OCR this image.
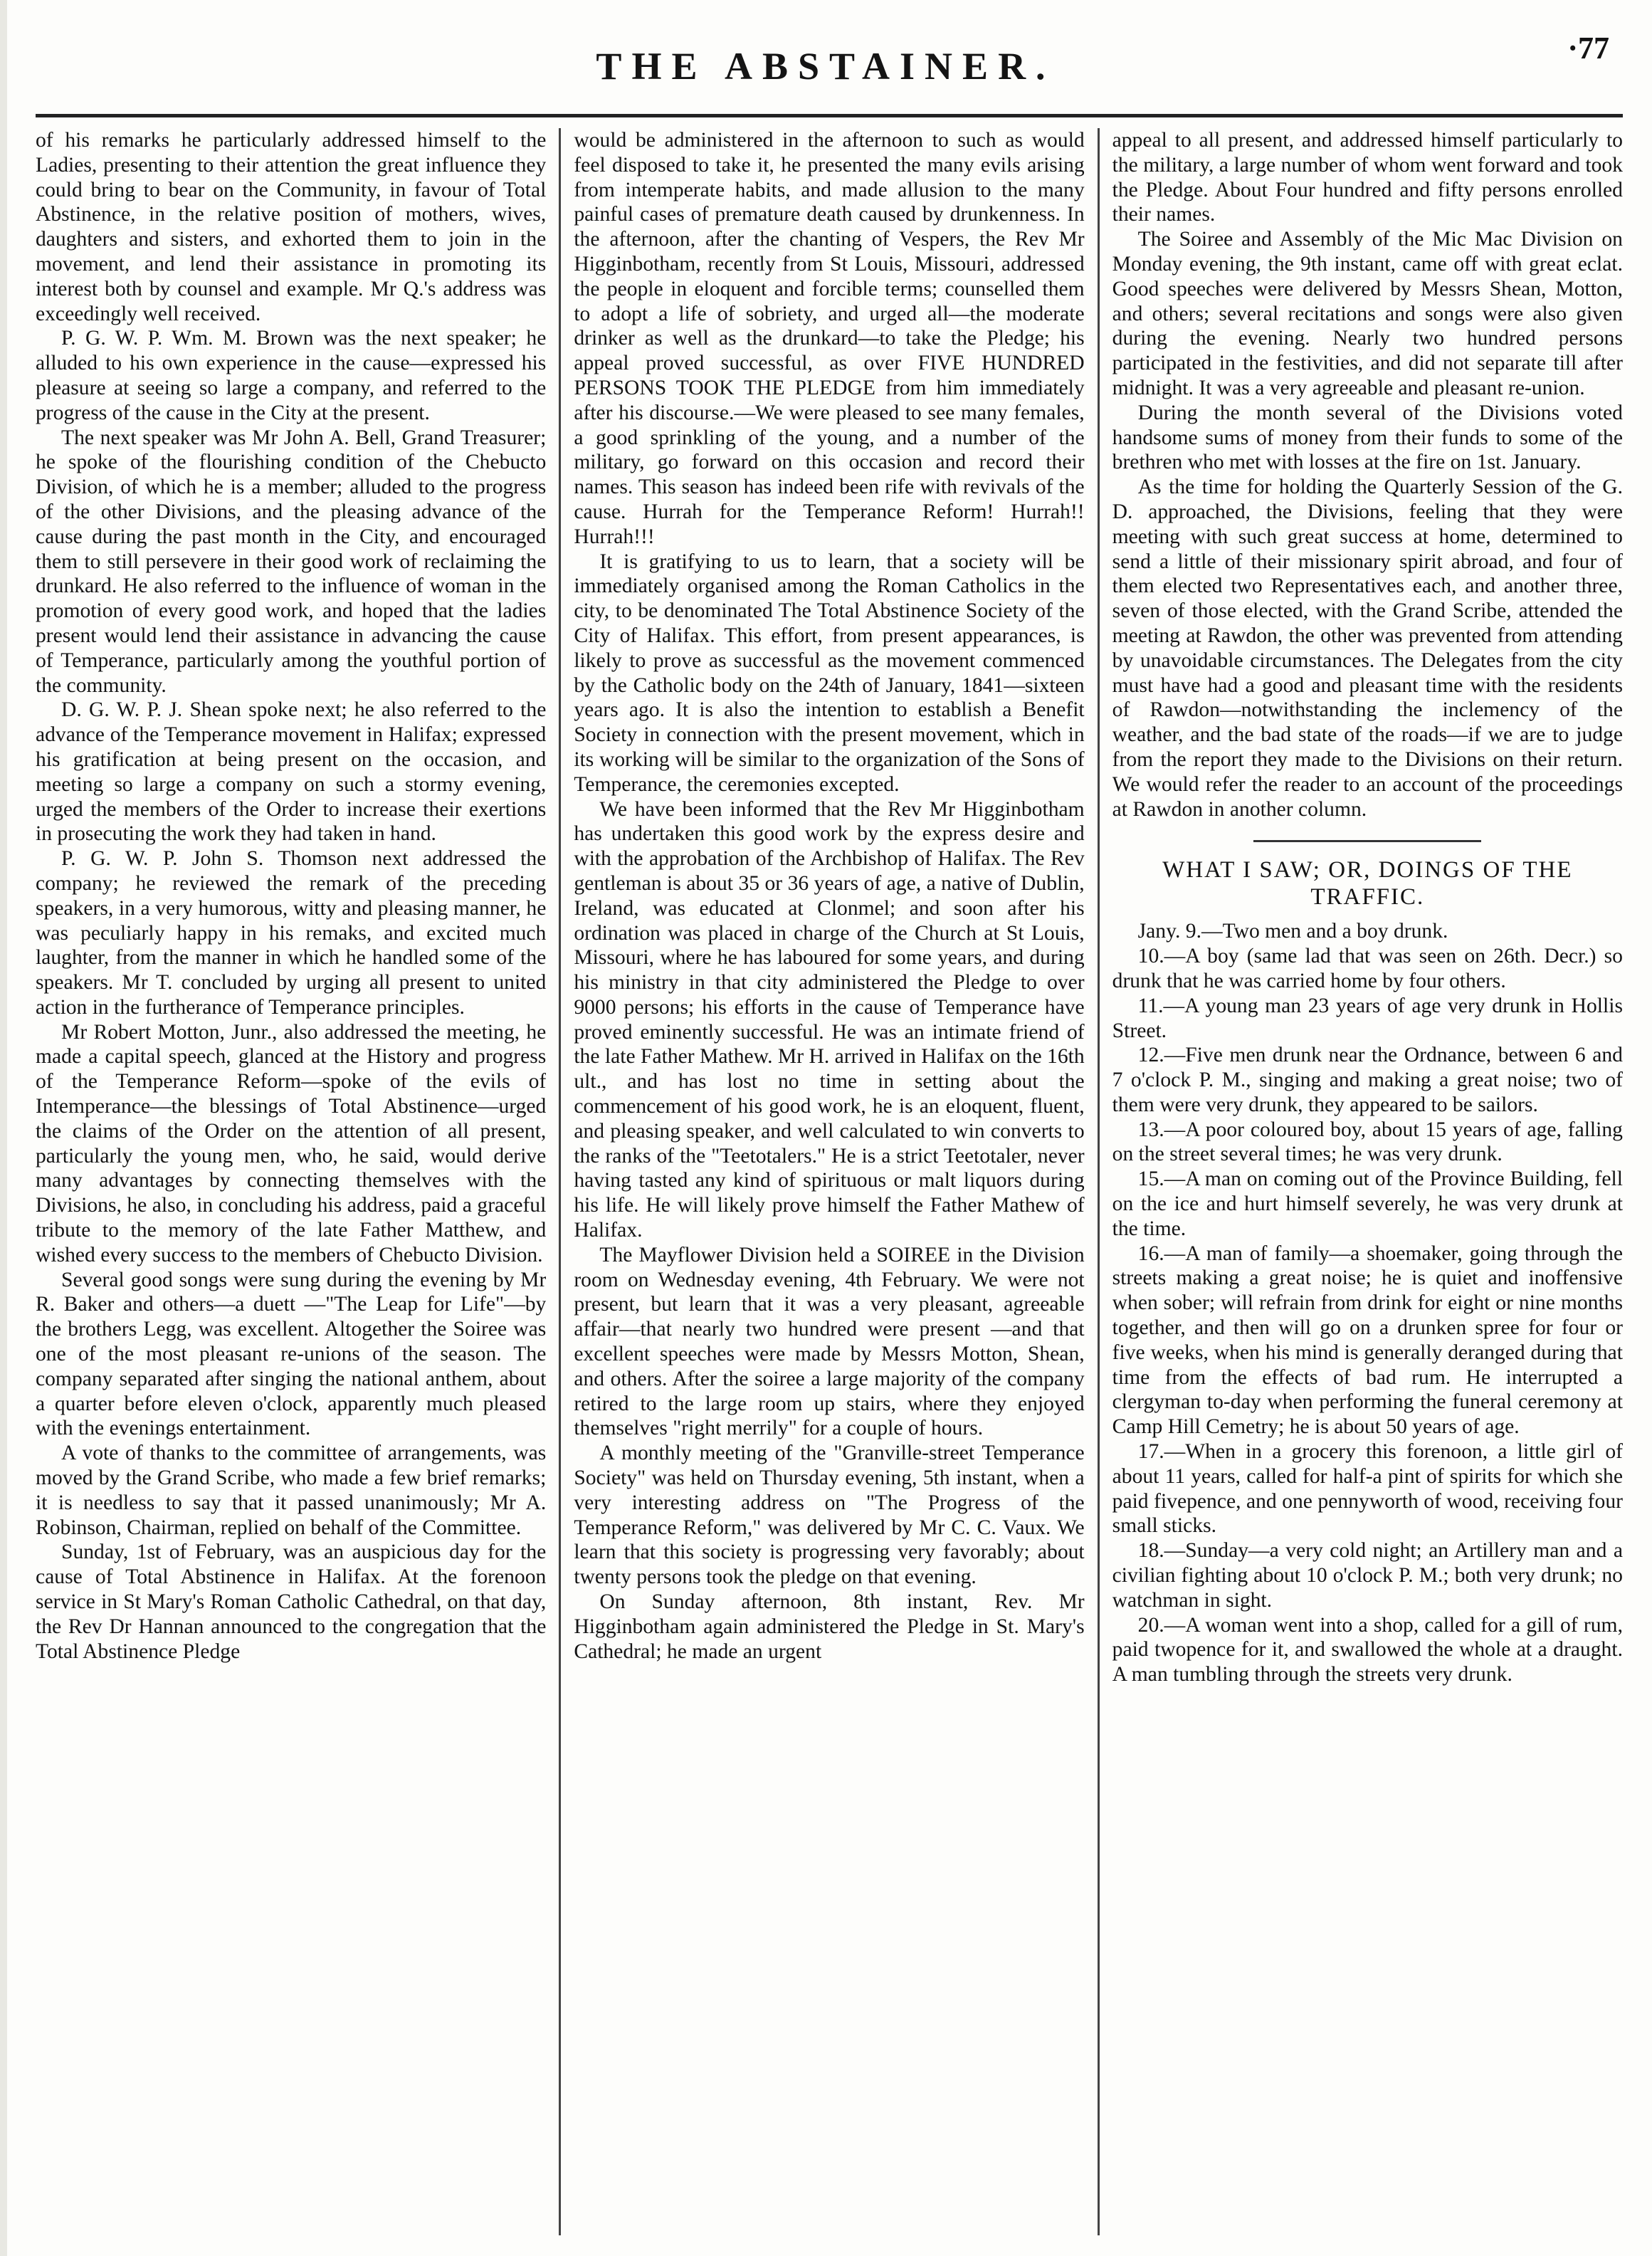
THE ABSTAINER.	·77

of his remarks he particularly addressed himself to the Ladies, presenting to their attention the great influence they could bring to bear on the Community, in favour of Total Abstinence, in the relative position of mothers, wives, daughters and sisters, and exhorted them to join in the movement, and lend their assistance in promoting its interest both by counsel and example. Mr Q.'s address was exceedingly well received.

P. G. W. P. Wm. M. Brown was the next speaker; he alluded to his own experience in the cause—expressed his pleasure at seeing so large a company, and referred to the progress of the cause in the City at the present.

The next speaker was Mr John A. Bell, Grand Treasurer; he spoke of the flourishing condition of the Chebucto Division, of which he is a member; alluded to the progress of the other Divisions, and the pleasing advance of the cause during the past month in the City, and encouraged them to still persevere in their good work of reclaiming the drunkard. He also referred to the influence of woman in the promotion of every good work, and hoped that the ladies present would lend their assistance in advancing the cause of Temperance, particularly among the youthful portion of the community.

D. G. W. P. J. Shean spoke next; he also referred to the advance of the Temperance movement in Halifax; expressed his gratification at being present on the occasion, and meeting so large a company on such a stormy evening, urged the members of the Order to increase their exertions in prosecuting the work they had taken in hand.

P. G. W. P. John S. Thomson next addressed the company; he reviewed the remark of the preceding speakers, in a very humorous, witty and pleasing manner, he was peculiarly happy in his remaks, and excited much laughter, from the manner in which he handled some of the speakers. Mr T. concluded by urging all present to united action in the furtherance of Temperance principles.

Mr Robert Motton, Junr., also addressed the meeting, he made a capital speech, glanced at the History and progress of the Temperance Reform—spoke of the evils of Intemperance—the blessings of Total Abstinence—urged the claims of the Order on the attention of all present, particularly the young men, who, he said, would derive many advantages by connecting themselves with the Divisions, he also, in concluding his address, paid a graceful tribute to the memory of the late Father Matthew, and wished every success to the members of Chebucto Division.

Several good songs were sung during the evening by Mr R. Baker and others—a duett —"The Leap for Life"—by the brothers Legg, was excellent. Altogether the Soiree was one of the most pleasant re-unions of the season. The company separated after singing the national anthem, about a quarter before eleven o'clock, apparently much pleased with the evenings entertainment.

A vote of thanks to the committee of arrangements, was moved by the Grand Scribe, who made a few brief remarks; it is needless to say that it passed unanimously; Mr A. Robinson, Chairman, replied on behalf of the Committee.

Sunday, 1st of February, was an auspicious day for the cause of Total Abstinence in Halifax. At the forenoon service in St Mary's Roman Catholic Cathedral, on that day, the Rev Dr Hannan announced to the congregation that the Total Abstinence Pledge

would be administered in the afternoon to such as would feel disposed to take it, he presented the many evils arising from intemperate habits, and made allusion to the many painful cases of premature death caused by drunkenness. In the afternoon, after the chanting of Vespers, the Rev Mr Higginbotham, recently from St Louis, Missouri, addressed the people in eloquent and forcible terms; counselled them to adopt a life of sobriety, and urged all—the moderate drinker as well as the drunkard—to take the Pledge; his appeal proved successful, as over FIVE HUNDRED PERSONS TOOK THE PLEDGE from him immediately after his discourse.—We were pleased to see many females, a good sprinkling of the young, and a number of the military, go forward on this occasion and record their names. This season has indeed been rife with revivals of the cause. Hurrah for the Temperance Reform! Hurrah!! Hurrah!!!

It is gratifying to us to learn, that a society will be immediately organised among the Roman Catholics in the city, to be denominated The Total Abstinence Society of the City of Halifax. This effort, from present appearances, is likely to prove as successful as the movement commenced by the Catholic body on the 24th of January, 1841—sixteen years ago. It is also the intention to establish a Benefit Society in connection with the present movement, which in its working will be similar to the organization of the Sons of Temperance, the ceremonies excepted.

We have been informed that the Rev Mr Higginbotham has undertaken this good work by the express desire and with the approbation of the Archbishop of Halifax. The Rev gentleman is about 35 or 36 years of age, a native of Dublin, Ireland, was educated at Clonmel; and soon after his ordination was placed in charge of the Church at St Louis, Missouri, where he has laboured for some years, and during his ministry in that city administered the Pledge to over 9000 persons; his efforts in the cause of Temperance have proved eminently successful. He was an intimate friend of the late Father Mathew. Mr H. arrived in Halifax on the 16th ult., and has lost no time in setting about the commencement of his good work, he is an eloquent, fluent, and pleasing speaker, and well calculated to win converts to the ranks of the "Teetotalers." He is a strict Teetotaler, never having tasted any kind of spirituous or malt liquors during his life. He will likely prove himself the Father Mathew of Halifax.

The Mayflower Division held a SOIREE in the Division room on Wednesday evening, 4th February. We were not present, but learn that it was a very pleasant, agreeable affair—that nearly two hundred were present —and that excellent speeches were made by Messrs Motton, Shean, and others. After the soiree a large majority of the company retired to the large room up stairs, where they enjoyed themselves "right merrily" for a couple of hours.

A monthly meeting of the "Granville-street Temperance Society" was held on Thursday evening, 5th instant, when a very interesting address on "The Progress of the Temperance Reform," was delivered by Mr C. C. Vaux. We learn that this society is progressing very favorably; about twenty persons took the pledge on that evening.

On Sunday afternoon, 8th instant, Rev. Mr Higginbotham again administered the Pledge in St. Mary's Cathedral; he made an urgent

appeal to all present, and addressed himself particularly to the military, a large number of whom went forward and took the Pledge. About Four hundred and fifty persons enrolled their names.

The Soiree and Assembly of the Mic Mac Division on Monday evening, the 9th instant, came off with great eclat. Good speeches were delivered by Messrs Shean, Motton, and others; several recitations and songs were also given during the evening. Nearly two hundred persons participated in the festivities, and did not separate till after midnight. It was a very agreeable and pleasant re-union.

During the month several of the Divisions voted handsome sums of money from their funds to some of the brethren who met with losses at the fire on 1st. January.

As the time for holding the Quarterly Session of the G. D. approached, the Divisions, feeling that they were meeting with such great success at home, determined to send a little of their missionary spirit abroad, and four of them elected two Representatives each, and another three, seven of those elected, with the Grand Scribe, attended the meeting at Rawdon, the other was prevented from attending by unavoidable circumstances. The Delegates from the city must have had a good and pleasant time with the residents of Rawdon—notwithstanding the inclemency of the weather, and the bad state of the roads—if we are to judge from the report they made to the Divisions on their return. We would refer the reader to an account of the proceedings at Rawdon in another column.

WHAT I SAW; OR, DOINGS OF THE TRAFFIC.

Jany. 9.—Two men and a boy drunk.

10.—A boy (same lad that was seen on 26th. Decr.) so drunk that he was carried home by four others.

11.—A young man 23 years of age very drunk in Hollis Street.

12.—Five men drunk near the Ordnance, between 6 and 7 o'clock P. M., singing and making a great noise; two of them were very drunk, they appeared to be sailors.

13.—A poor coloured boy, about 15 years of age, falling on the street several times; he was very drunk.

15.—A man on coming out of the Province Building, fell on the ice and hurt himself severely, he was very drunk at the time.

16.—A man of family—a shoemaker, going through the streets making a great noise; he is quiet and inoffensive when sober; will refrain from drink for eight or nine months together, and then will go on a drunken spree for four or five weeks, when his mind is generally deranged during that time from the effects of bad rum. He interrupted a clergyman to-day when performing the funeral ceremony at Camp Hill Cemetry; he is about 50 years of age.

17.—When in a grocery this forenoon, a little girl of about 11 years, called for half-a pint of spirits for which she paid fivepence, and one pennyworth of wood, receiving four small sticks.

18.—Sunday—a very cold night; an Artillery man and a civilian fighting about 10 o'clock P. M.; both very drunk; no watchman in sight.

20.—A woman went into a shop, called for a gill of rum, paid twopence for it, and swallowed the whole at a draught. A man tumbling through the streets very drunk.
